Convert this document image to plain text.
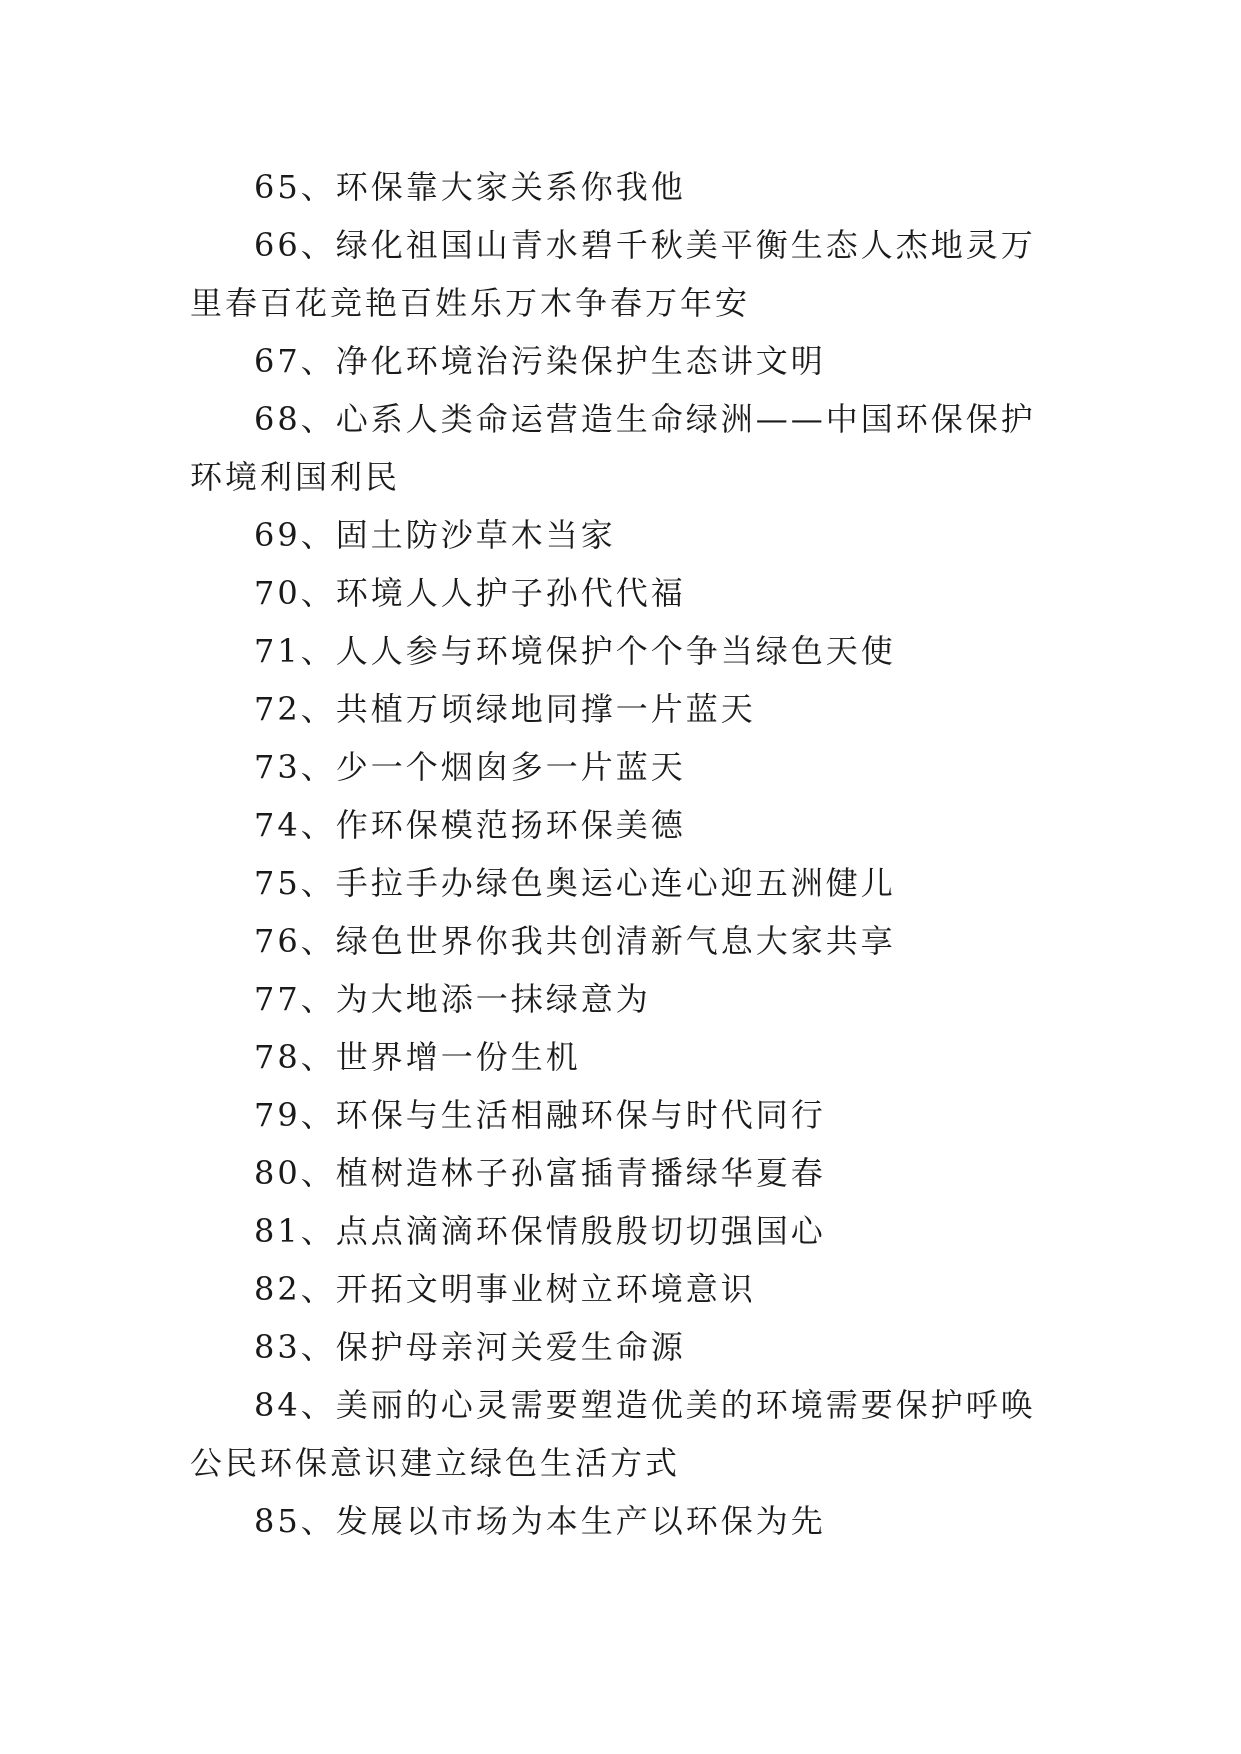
65、环保靠大家关系你我他

66、绿化祖国山青水碧千秋美平衡生态人杰地灵万里春百花竞艳百姓乐万木争春万年安

67、净化环境治污染保护生态讲文明

68、心系人类命运营造生命绿洲——中国环保保护环境利国利民

69、固土防沙草木当家

70、环境人人护子孙代代福

71、人人参与环境保护个个争当绿色天使

72、共植万顷绿地同撑一片蓝天

73、少一个烟囱多一片蓝天

74、作环保模范扬环保美德

75、手拉手办绿色奥运心连心迎五洲健儿

76、绿色世界你我共创清新气息大家共享

77、为大地添一抹绿意为

78、世界增一份生机

79、环保与生活相融环保与时代同行

80、植树造林子孙富插青播绿华夏春

81、点点滴滴环保情殷殷切切强国心

82、开拓文明事业树立环境意识

83、保护母亲河关爱生命源

84、美丽的心灵需要塑造优美的环境需要保护呼唤公民环保意识建立绿色生活方式

85、发展以市场为本生产以环保为先
